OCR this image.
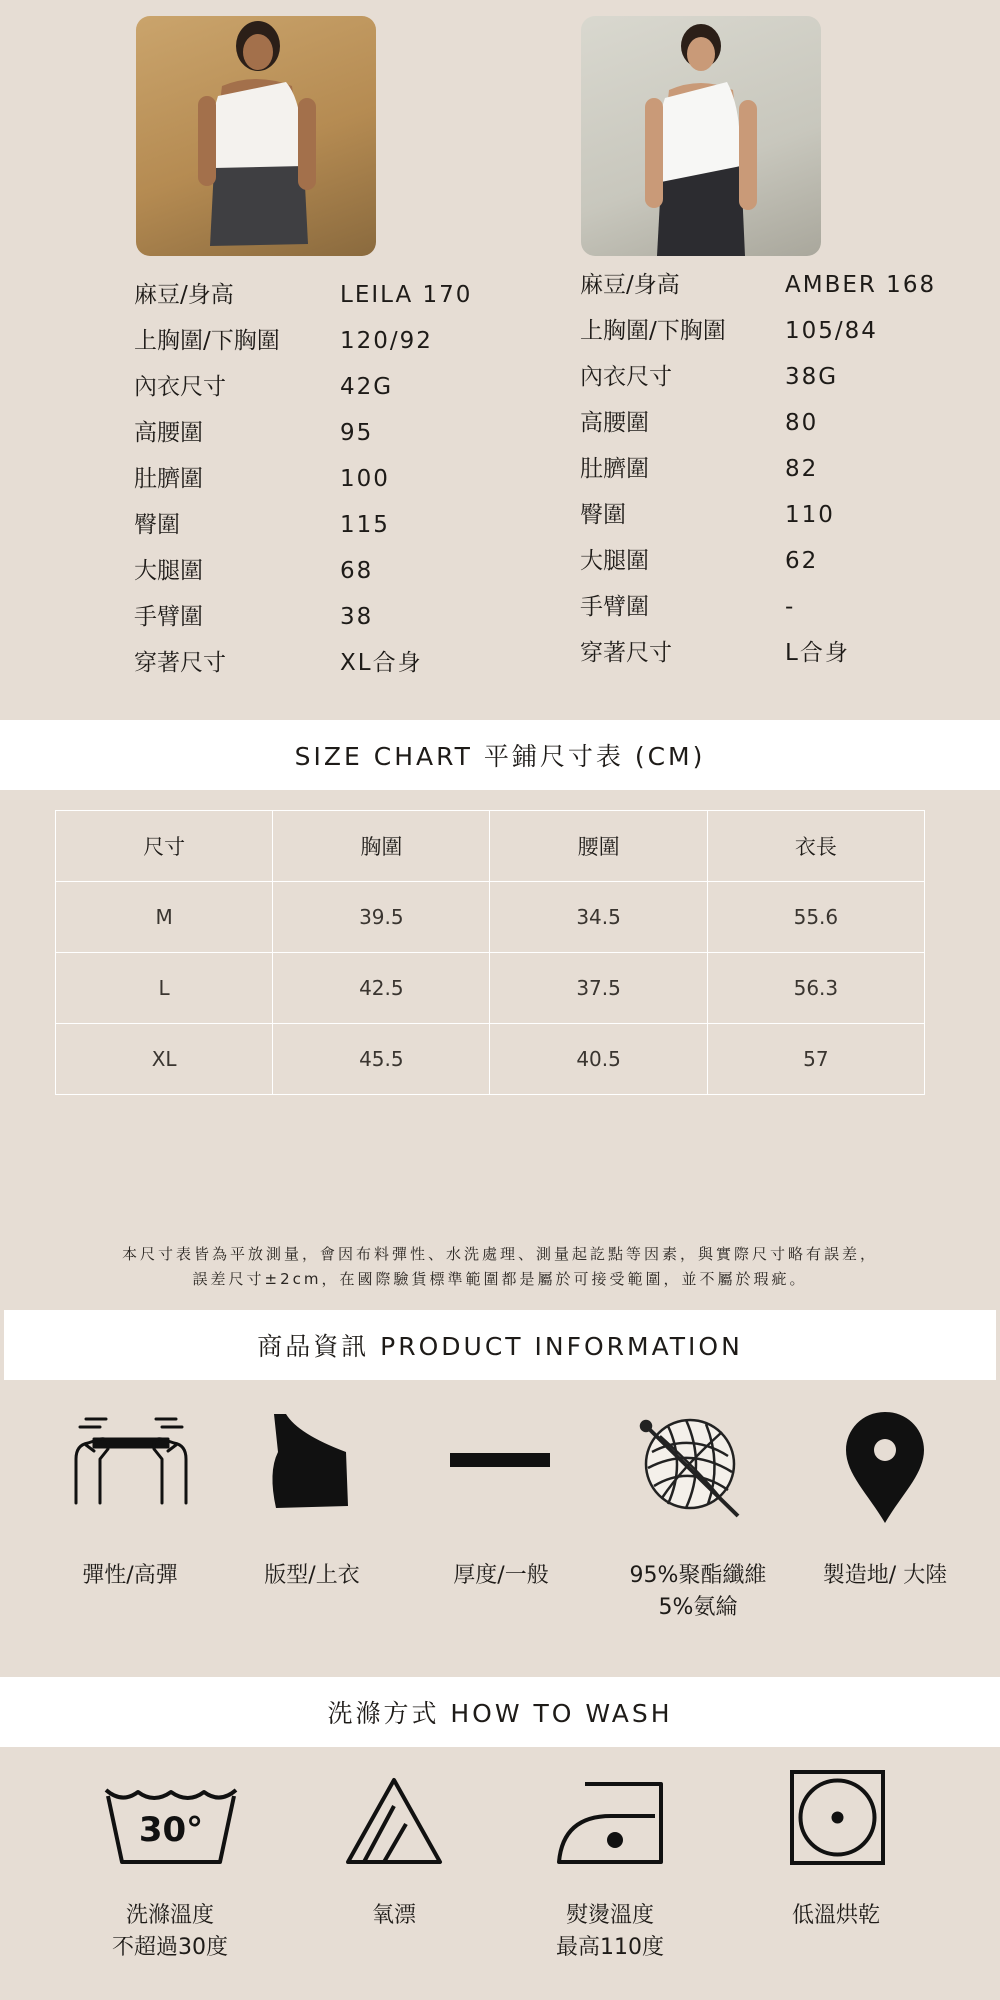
麻豆/身高	LEILA 170
上胸圍/下胸圍	120/92
內衣尺寸	42G
高腰圍	95
肚臍圍	100
臀圍	115
大腿圍	68
手臂圍	38
穿著尺寸	XL合身
麻豆/身高	AMBER 168
上胸圍/下胸圍	105/84
內衣尺寸	38G
高腰圍	80
肚臍圍	82
臀圍	110
大腿圍	62
手臂圍	-
穿著尺寸	L合身
SIZE CHART 平鋪尺寸表 (CM)
尺寸	胸圍	腰圍	衣長
M	39.5	34.5	55.6
L	42.5	37.5	56.3
XL	45.5	40.5	57
本尺寸表皆為平放測量，會因布料彈性、水洗處理、測量起訖點等因素，與實際尺寸略有誤差，
誤差尺寸±2cm，在國際驗貨標準範圍都是屬於可接受範圍，並不屬於瑕疵。
商品資訊 PRODUCT INFORMATION
彈性/高彈	版型/上衣	厚度/一般	95%聚酯纖維
5%氨綸
製造地/ 大陸
洗滌方式 HOW TO WASH
30°
洗滌溫度
不超過30度
氧漂	熨燙溫度
最高110度
低溫烘乾
